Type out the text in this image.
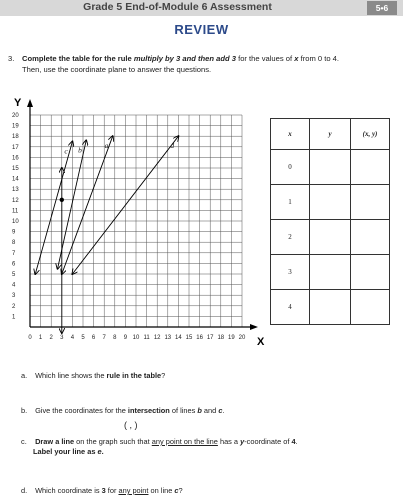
Grade 5 End-of-Module 6 Assessment	5•6
REVIEW
3. Complete the table for the rule multiply by 3 and then add 3 for the values of x from 0 to 4.
Then, use the coordinate plane to answer the questions.
c b	a	d
1
2
3
4
5
6
7
8
9
10
11
12
13
14
15
16
17
18
19
20
0 1 2 3 4 5 6 7 8 9 10 11 12 13 14 15 16 17 18 19 20
Y
X
x	y	(x, y)
0		
1		
2		
3		
4		
a. Which line shows the rule in the table?
b. Give the coordinates for the intersection of lines b and c.
( , )
c. Draw a line on the graph such that any point on the line has a y-coordinate of 4.
Label your line as e.
d. Which coordinate is 3 for any point on line c?
